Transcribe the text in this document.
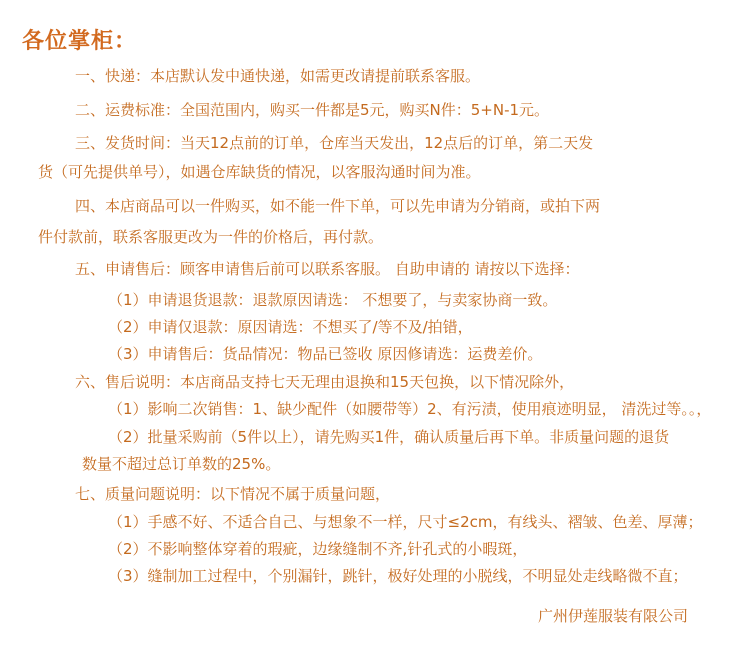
各位掌柜：
一、快递：本店默认发中通快递，如需更改请提前联系客服。
二、运费标准：全国范围内，购买一件都是5元，购买N件：5+N-1元。
三、发货时间：当天12点前的订单，仓库当天发出，12点后的订单，第二天发
货（可先提供单号），如遇仓库缺货的情况，以客服沟通时间为准。
四、本店商品可以一件购买，如不能一件下单，可以先申请为分销商，或拍下两
件付款前，联系客服更改为一件的价格后，再付款。
五、申请售后：顾客申请售后前可以联系客服。 自助申请的 请按以下选择：
（1）申请退货退款：退款原因请选： 不想要了，与卖家协商一致。
（2）申请仅退款：原因请选：不想买了/等不及/拍错，
（3）申请售后：货品情况：物品已签收 原因修请选：运费差价。
六、售后说明：本店商品支持七天无理由退换和15天包换，以下情况除外，
（1）影响二次销售：1、缺少配件（如腰带等）2、有污渍，使用痕迹明显， 清洗过等。。，
（2）批量采购前（5件以上），请先购买1件，确认质量后再下单。非质量问题的退货
数量不超过总订单数的25%。
七、质量问题说明：以下情况不属于质量问题，
（1）手感不好、不适合自己、与想象不一样，尺寸≤2cm，有线头、褶皱、色差、厚薄；
（2）不影响整体穿着的瑕疵，边缘缝制不齐,针孔式的小暇斑，
（3）缝制加工过程中，个别漏针，跳针，极好处理的小脱线，不明显处走线略微不直；
广州伊莲服装有限公司
